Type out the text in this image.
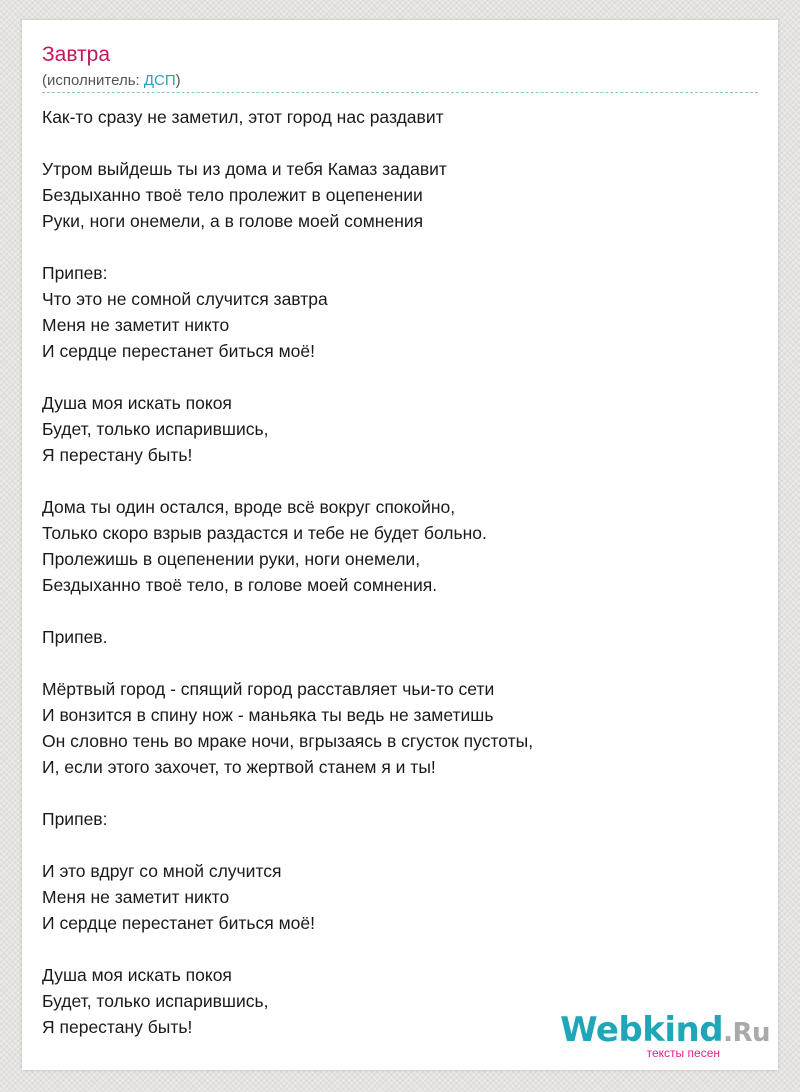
Завтра
(исполнитель: ДСП)
Как-то сразу не заметил, этот город нас раздавит
Утром выйдешь ты из дома и тебя Камаз задавит
Бездыханно твоё тело пролежит в оцепенении
Руки, ноги онемели, а в голове моей сомнения
Припев:
Что это не сомной случится завтра
Меня не заметит никто
И сердце перестанет биться моё!
Душа моя искать покоя
Будет, только испарившись,
Я перестану быть!
Дома ты один остался, вроде всё вокруг спокойно,
Только скоро взрыв раздастся и тебе не будет больно.
Пролежишь в оцепенении руки, ноги онемели,
Бездыханно твоё тело, в голове моей сомнения.
Припев.
Мёртвый город - спящий город расставляет чьи-то сети
И вонзится в спину нож - маньяка ты ведь не заметишь
Он словно тень во мраке ночи, вгрызаясь в сгусток пустоты,
И, если этого захочет, то жертвой станем я и ты!
Припев:
И это вдруг со мной случится
Меня не заметит никто
И сердце перестанет биться моё!
Душа моя искать покоя
Будет, только испарившись,
Я перестану быть!	Webkind.Ru
тексты песен
